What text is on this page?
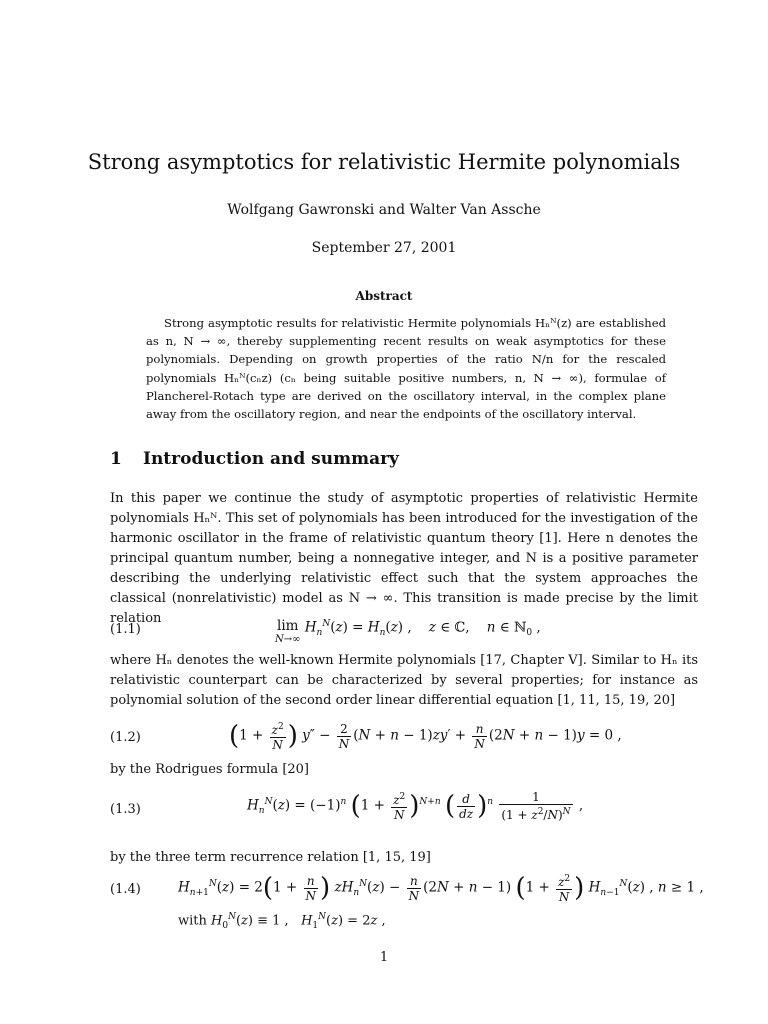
Strong asymptotics for relativistic Hermite polynomials
Wolfgang Gawronski and Walter Van Assche
September 27, 2001
Abstract
Strong asymptotic results for relativistic Hermite polynomials Hₙᴺ(z) are established as n, N → ∞, thereby supplementing recent results on weak asymptotics for these polynomials. Depending on growth properties of the ratio N/n for the rescaled polynomials Hₙᴺ(cₙz) (cₙ being suitable positive numbers, n, N → ∞), formulae of Plancherel-Rotach type are derived on the oscillatory interval, in the complex plane away from the oscillatory region, and near the endpoints of the oscillatory interval.
1 Introduction and summary
In this paper we continue the study of asymptotic properties of relativistic Hermite polynomials Hₙᴺ. This set of polynomials has been introduced for the investigation of the harmonic oscillator in the frame of relativistic quantum theory [1]. Here n denotes the principal quantum number, being a nonnegative integer, and N is a positive parameter describing the underlying relativistic effect such that the system approaches the classical (nonrelativistic) model as N → ∞. This transition is made precise by the limit relation
(1.1)	lim
N→∞
$H_n^N(z) = H_n(z)$ ,    z ∈ ℂ,    n ∈ ℕ$_0$ ,
where Hₙ denotes the well-known Hermite polynomials [17, Chapter V]. Similar to Hₙ its relativistic counterpart can be characterized by several properties; for instance as polynomial solution of the second order linear differential equation [1, 11, 15, 19, 20]
(1.2)	($1 + \frac{z^2}{N}$ ) $y'' - \frac{2}{N} (N + n - 1)zy' + \frac{n}{N} (2N + n - 1)y = 0$ ,
by the Rodrigues formula [20]
(1.3)	$H_n^N(z) = (-1)^n$ $(1 + \frac{z^2}{N} )^{N+n}$ ( $\frac{d}{dz} )^n \frac{1}{(1 + z^2/N)^N}$ ,
by the three term recurrence relation [1, 15, 19]
(1.4)	$H_{n+1}^N(z) = 2(1 + \frac{n}{N}$ ) $zH_n^N(z) - \frac{n}{N} (2N + n - 1) (1 + \frac{z^2}{N}$ ) $H_{n-1}^N(z)$ , n ≥ 1 ,
with $H_0^N(z) \equiv 1$ ,   $H_1^N(z) = 2z$ ,
1
